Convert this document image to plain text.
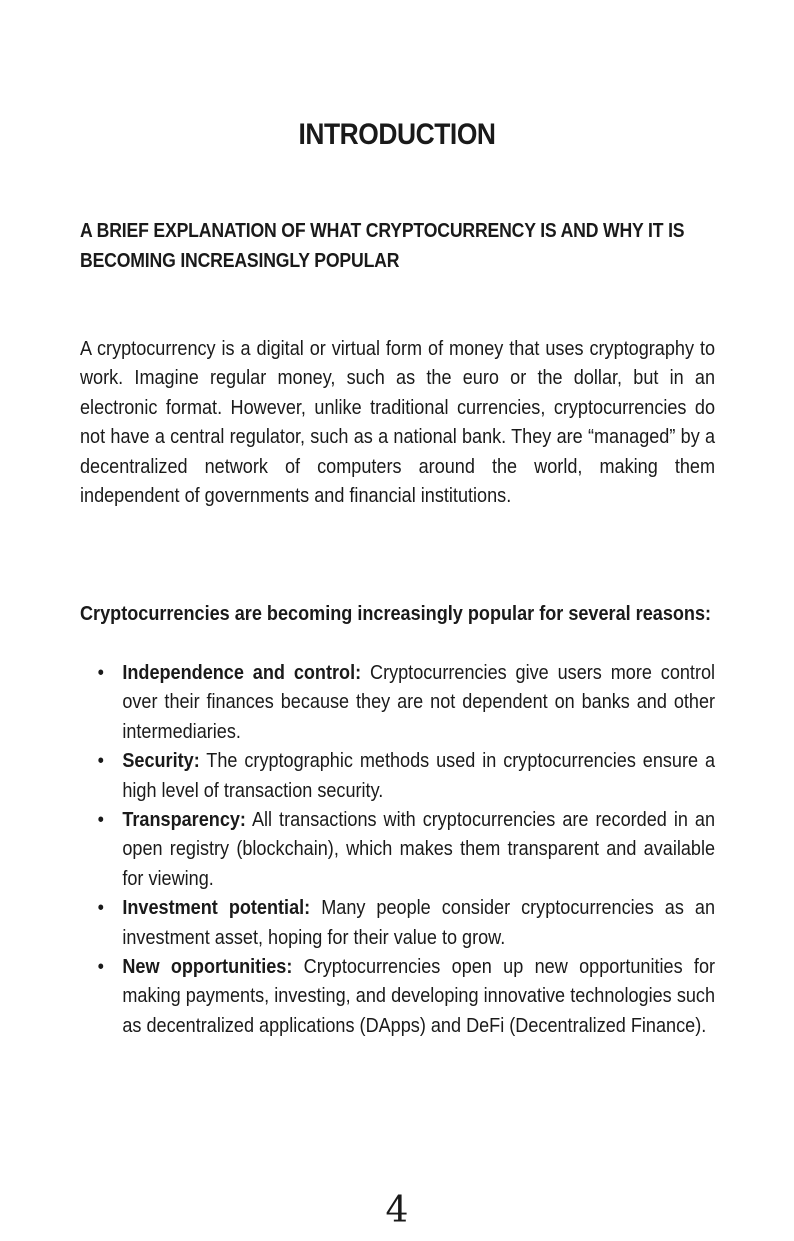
INTRODUCTION
A BRIEF EXPLANATION OF WHAT CRYPTOCURRENCY IS AND WHY IT IS BECOMING INCREASINGLY POPULAR

A cryptocurrency is a digital or virtual form of money that uses cryptography to work. Imagine regular money, such as the euro or the dollar, but in an electronic format. However, unlike traditional currencies, cryptocurrencies do not have a central regulator, such as a national bank. They are “managed” by a decentralized network of computers around the world, making them independent of governments and financial institutions.

Cryptocurrencies are becoming increasingly popular for several reasons:

• Independence and control: Cryptocurrencies give users more control over their finances because they are not dependent on banks and other intermediaries.
• Security: The cryptographic methods used in cryptocurrencies ensure a high level of transaction security.
• Transparency: All transactions with cryptocurrencies are recorded in an open registry (blockchain), which makes them transparent and available for viewing.
• Investment potential: Many people consider cryptocurrencies as an investment asset, hoping for their value to grow.
• New opportunities: Cryptocurrencies open up new opportunities for making payments, investing, and developing innovative technologies such as decentralized applications (DApps) and DeFi (Decentralized Finance).
4
